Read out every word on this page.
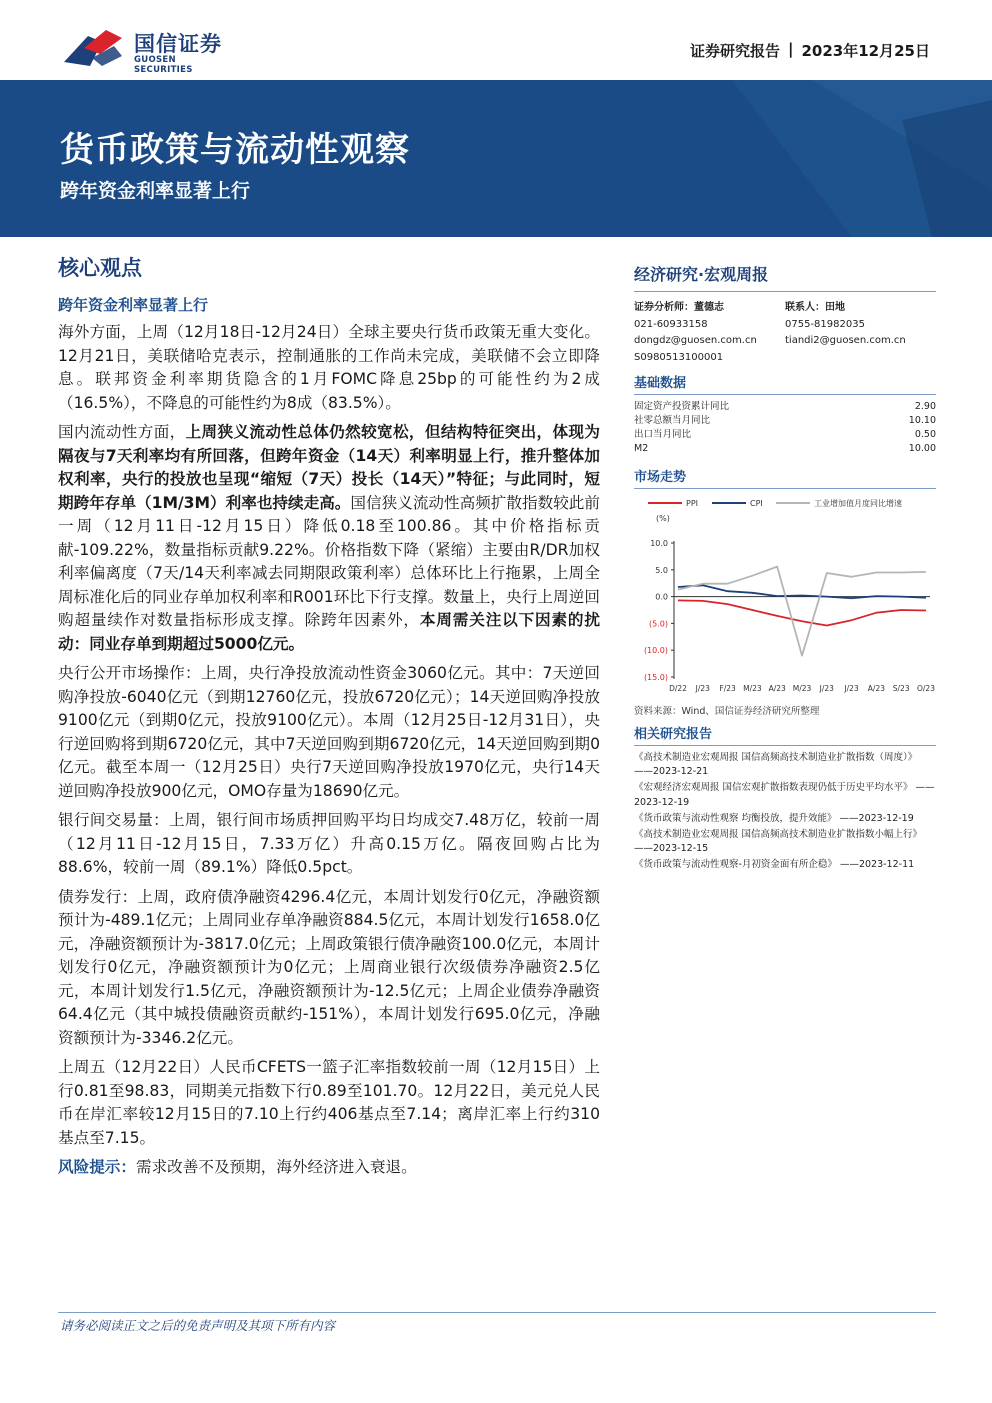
国信证券
GUOSEN SECURITIES
证券研究报告 | 2023年12月25日
货币政策与流动性观察
跨年资金利率显著上行
核心观点
跨年资金利率显著上行

海外方面，上周（12月18日-12月24日）全球主要央行货币政策无重大变化。12月21日，美联储哈克表示，控制通胀的工作尚未完成，美联储不会立即降息。联邦资金利率期货隐含的1月FOMC降息25bp的可能性约为2成（16.5%），不降息的可能性约为8成（83.5%）。

国内流动性方面，上周狭义流动性总体仍然较宽松，但结构特征突出，体现为隔夜与7天利率均有所回落，但跨年资金（14天）利率明显上行，推升整体加权利率，央行的投放也呈现“缩短（7天）投长（14天）”特征；与此同时，短期跨年存单（1M/3M）利率也持续走高。国信狭义流动性高频扩散指数较此前一周（12月11日-12月15日）降低0.18至100.86。其中价格指标贡献-109.22%，数量指标贡献9.22%。价格指数下降（紧缩）主要由R/DR加权利率偏离度（7天/14天利率减去同期限政策利率）总体环比上行拖累，上周全周标准化后的同业存单加权利率和R001环比下行支撑。数量上，央行上周逆回购超量续作对数量指标形成支撑。除跨年因素外，本周需关注以下因素的扰动：同业存单到期超过5000亿元。

央行公开市场操作：上周，央行净投放流动性资金3060亿元。其中：7天逆回购净投放-6040亿元（到期12760亿元，投放6720亿元）；14天逆回购净投放9100亿元（到期0亿元，投放9100亿元）。本周（12月25日-12月31日），央行逆回购将到期6720亿元，其中7天逆回购到期6720亿元，14天逆回购到期0亿元。截至本周一（12月25日）央行7天逆回购净投放1970亿元，央行14天逆回购净投放900亿元，OMO存量为18690亿元。

银行间交易量：上周，银行间市场质押回购平均日均成交7.48万亿，较前一周（12月11日-12月15日，7.33万亿）升高0.15万亿。隔夜回购占比为88.6%，较前一周（89.1%）降低0.5pct。

债券发行：上周，政府债净融资4296.4亿元，本周计划发行0亿元，净融资额预计为-489.1亿元；上周同业存单净融资884.5亿元，本周计划发行1658.0亿元，净融资额预计为-3817.0亿元；上周政策银行债净融资100.0亿元，本周计划发行0亿元，净融资额预计为0亿元；上周商业银行次级债券净融资2.5亿元，本周计划发行1.5亿元，净融资额预计为-12.5亿元；上周企业债券净融资64.4亿元（其中城投债融资贡献约-151%），本周计划发行695.0亿元，净融资额预计为-3346.2亿元。

上周五（12月22日）人民币CFETS一篮子汇率指数较前一周（12月15日）上行0.81至98.83，同期美元指数下行0.89至101.70。12月22日，美元兑人民币在岸汇率较12月15日的7.10上行约406基点至7.14；离岸汇率上行约310基点至7.15。

风险提示：需求改善不及预期，海外经济进入衰退。

经济研究·宏观周报
证券分析师：董德志
021-60933158
dongdz@guosen.com.cn
S0980513100001
联系人：田地
0755-81982035
tiandi2@guosen.com.cn
基础数据
固定资产投资累计同比	2.90
社零总额当月同比	10.10
出口当月同比	0.50
M2	10.00
市场走势
PPI	CPI	工业增加值月度同比增速
(%)
10.0
5.0
0.0
(5.0)
(10.0)
(15.0)
D/22 J/23 F/23 M/23 A/23 M/23 J/23 J/23 A/23 S/23 O/23
资料来源：Wind、国信证券经济研究所整理
相关研究报告
《高技术制造业宏观周报 国信高频高技术制造业扩散指数（周度）》 ——2023-12-21
《宏观经济宏观周报 国信宏观扩散指数表现仍低于历史平均水平》 ——2023-12-19
《货币政策与流动性观察 均衡投放，提升效能》 ——2023-12-19
《高技术制造业宏观周报 国信高频高技术制造业扩散指数小幅上行》 ——2023-12-15
《货币政策与流动性观察-月初资金面有所企稳》 ——2023-12-11
请务必阅读正文之后的免责声明及其项下所有内容
